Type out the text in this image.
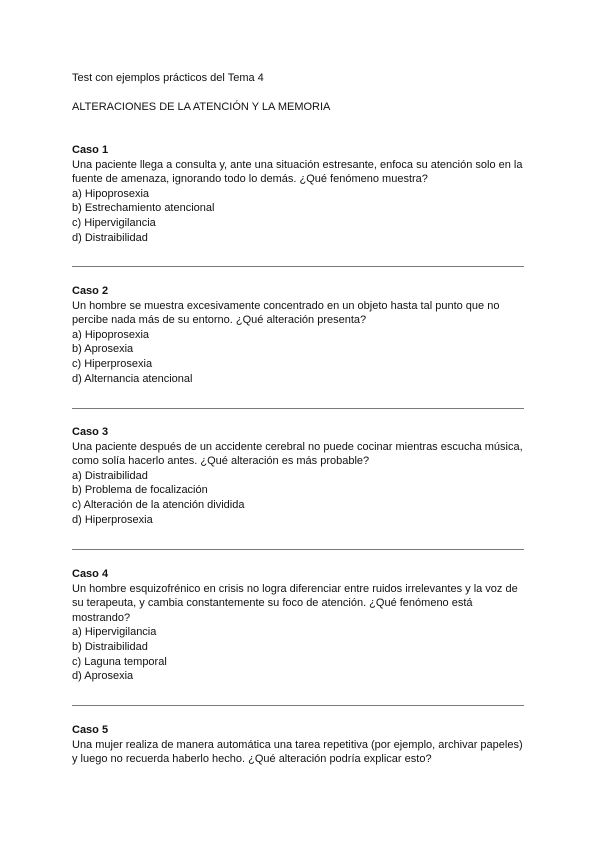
Test con ejemplos prácticos del Tema 4
ALTERACIONES DE LA ATENCIÓN Y LA MEMORIA

Caso 1

Una paciente llega a consulta y, ante una situación estresante, enfoca su atención solo en la fuente de amenaza, ignorando todo lo demás. ¿Qué fenómeno muestra?

a) Hipoprosexia

b) Estrechamiento atencional

c) Hipervigilancia

d) Distraibilidad

Caso 2

Un hombre se muestra excesivamente concentrado en un objeto hasta tal punto que no percibe nada más de su entorno. ¿Qué alteración presenta?

a) Hipoprosexia

b) Aprosexia

c) Hiperprosexia

d) Alternancia atencional

Caso 3

Una paciente después de un accidente cerebral no puede cocinar mientras escucha música, como solía hacerlo antes. ¿Qué alteración es más probable?

a) Distraibilidad

b) Problema de focalización

c) Alteración de la atención dividida

d) Hiperprosexia

Caso 4

Un hombre esquizofrénico en crisis no logra diferenciar entre ruidos irrelevantes y la voz de su terapeuta, y cambia constantemente su foco de atención. ¿Qué fenómeno está mostrando?

a) Hipervigilancia

b) Distraibilidad

c) Laguna temporal

d) Aprosexia

Caso 5

Una mujer realiza de manera automática una tarea repetitiva (por ejemplo, archivar papeles) y luego no recuerda haberlo hecho. ¿Qué alteración podría explicar esto?
